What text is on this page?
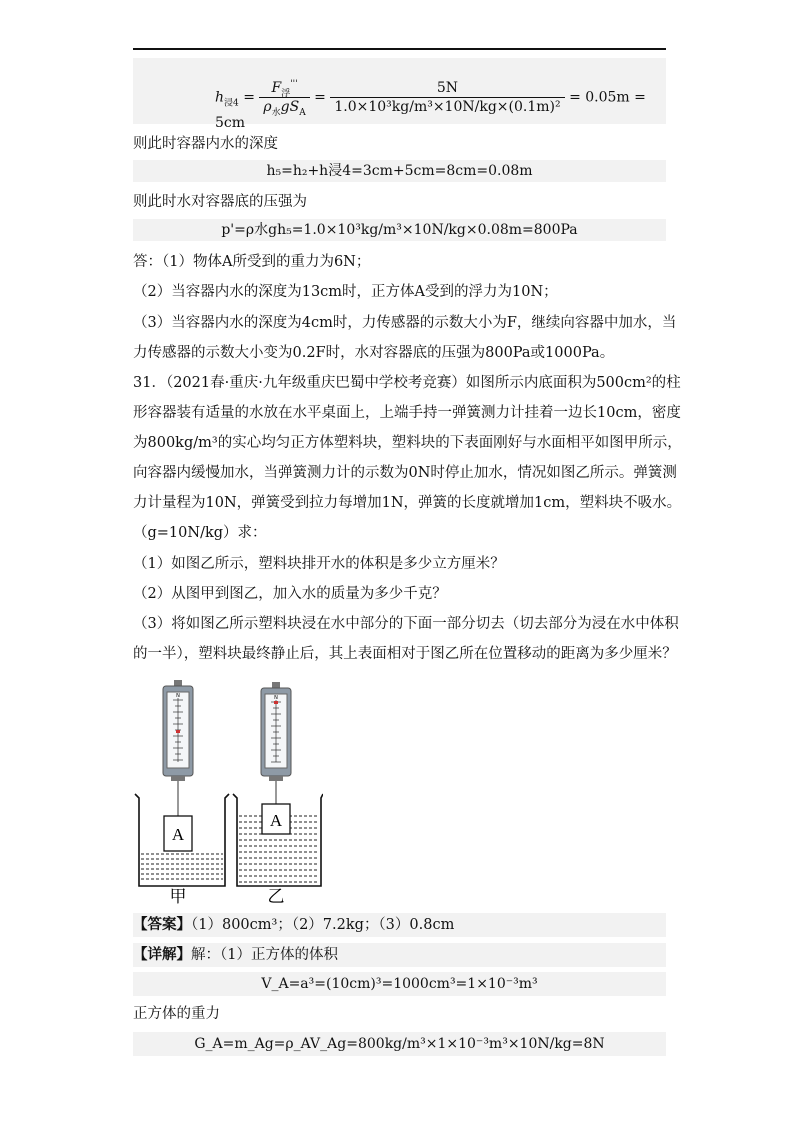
$h_{浸4} = \frac{F_浮'''}{\rho_水gS_A} = \frac{5N}{\text{1.0×10³kg/m³×10N/kg×(0.1m)²}} = 0.05m = 5cm$
则此时容器内水的深度
h₅=h₂+h浸4=3cm+5cm=8cm=0.08m
则此时水对容器底的压强为
p'=ρ水gh₅=1.0×10³kg/m³×10N/kg×0.08m=800Pa
答：（1）物体A所受到的重力为6N；
（2）当容器内水的深度为13cm时，正方体A受到的浮力为10N；
（3）当容器内水的深度为4cm时，力传感器的示数大小为F，继续向容器中加水，当
力传感器的示数大小变为0.2F时，水对容器底的压强为800Pa或1000Pa。
31．（2021春·重庆·九年级重庆巴蜀中学校考竞赛）如图所示内底面积为500cm²的柱
形容器装有适量的水放在水平桌面上，上端手持一弹簧测力计挂着一边长10cm，密度
为800kg/m³的实心均匀正方体塑料块，塑料块的下表面刚好与水面相平如图甲所示，
向容器内缓慢加水，当弹簧测力计的示数为0N时停止加水，情况如图乙所示。弹簧测
力计量程为10N，弹簧受到拉力每增加1N，弹簧的长度就增加1cm，塑料块不吸水。
（g=10N/kg）求：
（1）如图乙所示，塑料块排开水的体积是多少立方厘米？
（2）从图甲到图乙，加入水的质量为多少千克？
（3）将如图乙所示塑料块浸在水中部分的下面一部分切去（切去部分为浸在水中体积
的一半），塑料块最终静止后，其上表面相对于图乙所在位置移动的距离为多少厘米？
N
A
甲
N
A
乙
【答案】（1）800cm³；（2）7.2kg；（3）0.8cm
【详解】解：（1）正方体的体积
V_A=a³=(10cm)³=1000cm³=1×10⁻³m³
正方体的重力
G_A=m_Ag=ρ_AV_Ag=800kg/m³×1×10⁻³m³×10N/kg=8N
